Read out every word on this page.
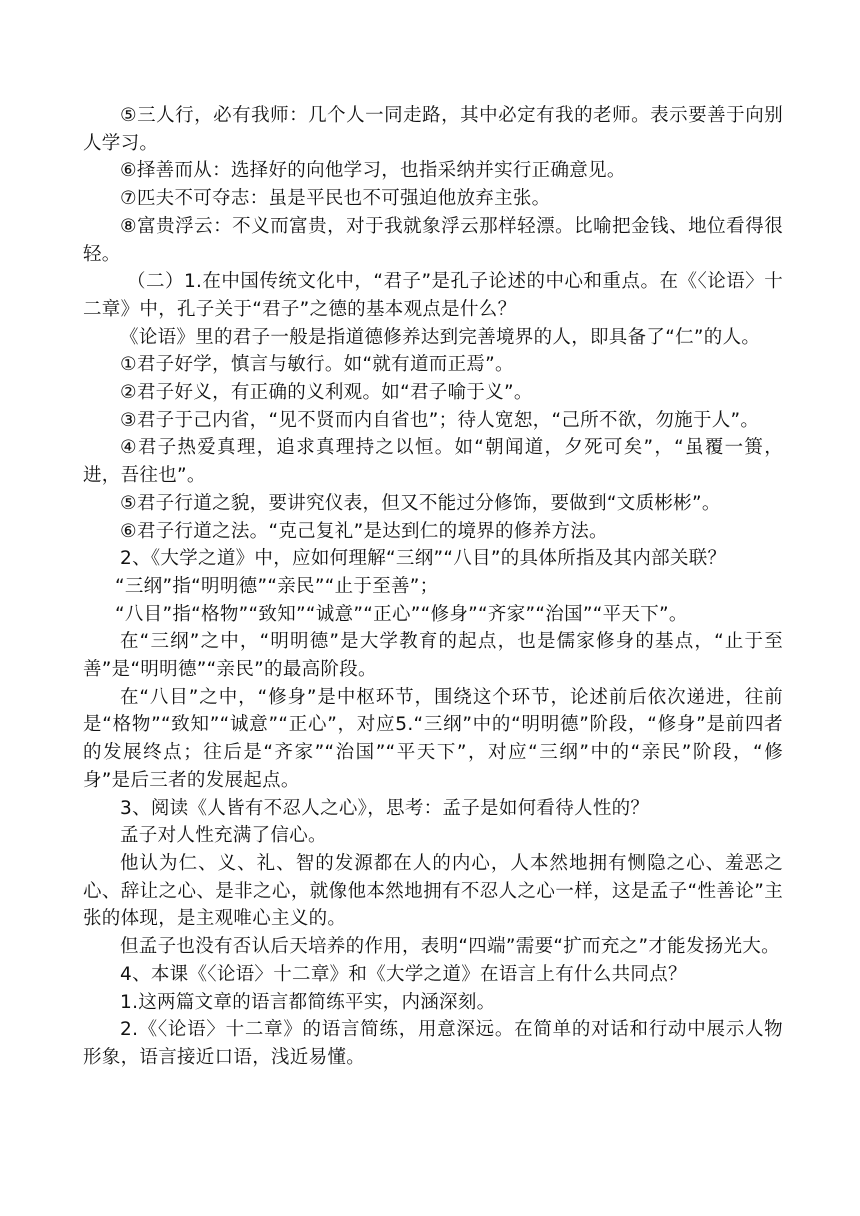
⑤三人行，必有我师：几个人一同走路，其中必定有我的老师。表示要善于向别人学习。

⑥择善而从：选择好的向他学习，也指采纳并实行正确意见。

⑦匹夫不可夺志：虽是平民也不可强迫他放弃主张。

⑧富贵浮云：不义而富贵，对于我就象浮云那样轻漂。比喻把金钱、地位看得很轻。

（二）1.在中国传统文化中，“君子”是孔子论述的中心和重点。在《〈论语〉十二章》中，孔子关于“君子”之德的基本观点是什么？

《论语》里的君子一般是指道德修养达到完善境界的人，即具备了“仁”的人。

①君子好学，慎言与敏行。如“就有道而正焉”。

②君子好义，有正确的义利观。如“君子喻于义”。

③君子于己内省，“见不贤而内自省也”；待人宽恕，“己所不欲，勿施于人”。

④君子热爱真理，追求真理持之以恒。如“朝闻道，夕死可矣”，“虽覆一篑，进，吾往也”。

⑤君子行道之貌，要讲究仪表，但又不能过分修饰，要做到“文质彬彬”。

⑥君子行道之法。“克己复礼”是达到仁的境界的修养方法。

2、《大学之道》中，应如何理解“三纲”“八目”的具体所指及其内部关联？

“三纲”指“明明德”“亲民”“止于至善”；

“八目”指“格物”“致知”“诚意”“正心”“修身”“齐家”“治国”“平天下”。

在“三纲”之中，“明明德”是大学教育的起点，也是儒家修身的基点，“止于至善”是“明明德”“亲民”的最高阶段。

在“八目”之中，“修身”是中枢环节，围绕这个环节，论述前后依次递进，往前是“格物”“致知”“诚意”“正心”，对应5.“三纲”中的“明明德”阶段，“修身”是前四者的发展终点；往后是“齐家”“治国”“平天下”，对应“三纲”中的“亲民”阶段，“修身”是后三者的发展起点。

3、阅读《人皆有不忍人之心》，思考：孟子是如何看待人性的？

孟子对人性充满了信心。

他认为仁、义、礼、智的发源都在人的内心，人本然地拥有恻隐之心、羞恶之心、辞让之心、是非之心，就像他本然地拥有不忍人之心一样，这是孟子“性善论”主张的体现，是主观唯心主义的。

但孟子也没有否认后天培养的作用，表明“四端”需要“扩而充之”才能发扬光大。

4、本课《〈论语〉十二章》和《大学之道》在语言上有什么共同点？

1.这两篇文章的语言都简练平实，内涵深刻。

2.《〈论语〉十二章》的语言简练，用意深远。在简单的对话和行动中展示人物形象，语言接近口语，浅近易懂。
